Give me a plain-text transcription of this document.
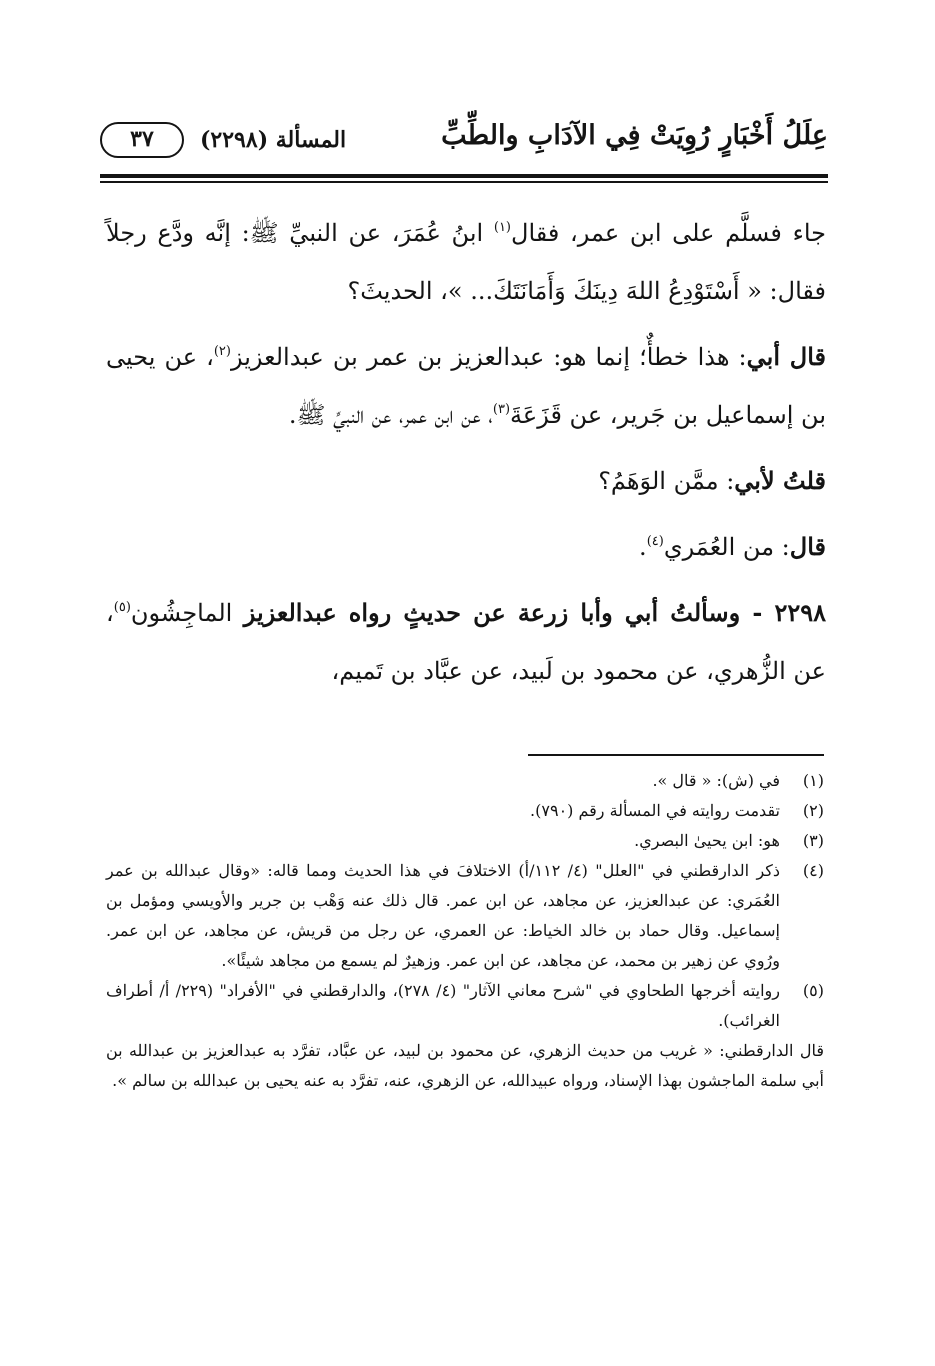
عِلَلُ أَخْبَارٍ رُوِيَتْ فِي الآدَابِ والطِّبِّ
المسألة (٢٢٩٨)
٣٧

جاء فسلَّم على ابن عمر، فقال$^{(١)}$ ابنُ عُمَرَ، عن النبيِّ ﷺ: إنَّه ودَّع رجلاً فقال: « أَسْتَوْدِعُ اللهَ دِينَكَ وَأَمَانَتَكَ... »، الحديثَ؟

قال أبي: هذا خطأٌ؛ إنما هو: عبدالعزيز بن عمر بن عبدالعزيز$^{(٢)}$، عن يحيى بن إسماعيل بن جَرير، عن قَزَعَةَ$^{(٣)}$، عن ابن عمر، عن النبيِّ ﷺ.

قلتُ لأبي: ممَّن الوَهَمُ؟

قال: من العُمَري$^{(٤)}$.

٢٢٩٨ - وسألتُ أبي وأبا زرعة عن حديثٍ رواه عبدالعزيز الماجِشُون$^{(٥)}$، عن الزُّهري، عن محمود بن لَبيد، عن عبَّاد بن تَميم،

(١)

في (ش): « قال ».

(٢)

تقدمت روايته في المسألة رقم (٧٩٠).

(٣)

هو: ابن يحيىٰ البصري.

(٤)

ذكر الدارقطني في "العلل" (٤/ ١١٢/أ) الاختلافَ في هذا الحديث ومما قاله: «وقال عبدالله بن عمر العُمَري: عن عبدالعزيز، عن مجاهد، عن ابن عمر. قال ذلك عنه وَهْب بن جرير والأويسي ومؤمل بن إسماعيل. وقال حماد بن خالد الخياط: عن العمري، عن رجل من قريش، عن مجاهد، عن ابن عمر. ورُوي عن زهير بن محمد، عن مجاهد، عن ابن عمر. وزهيرٌ لم يسمع من مجاهد شيئًا».

(٥)

روايته أخرجها الطحاوي في "شرح معاني الآثار" (٤/ ٢٧٨)، والدارقطني في "الأفراد" (٢٢٩/ أ/ أطراف الغرائب).

قال الدارقطني: « غريب من حديث الزهري، عن محمود بن لبيد، عن عبَّاد، تفرَّد به عبدالعزيز بن عبدالله بن أبي سلمة الماجشون بهذا الإسناد، ورواه عبيدالله، عن الزهري، عنه، تفرَّد به عنه يحيى بن عبدالله بن سالم ».
